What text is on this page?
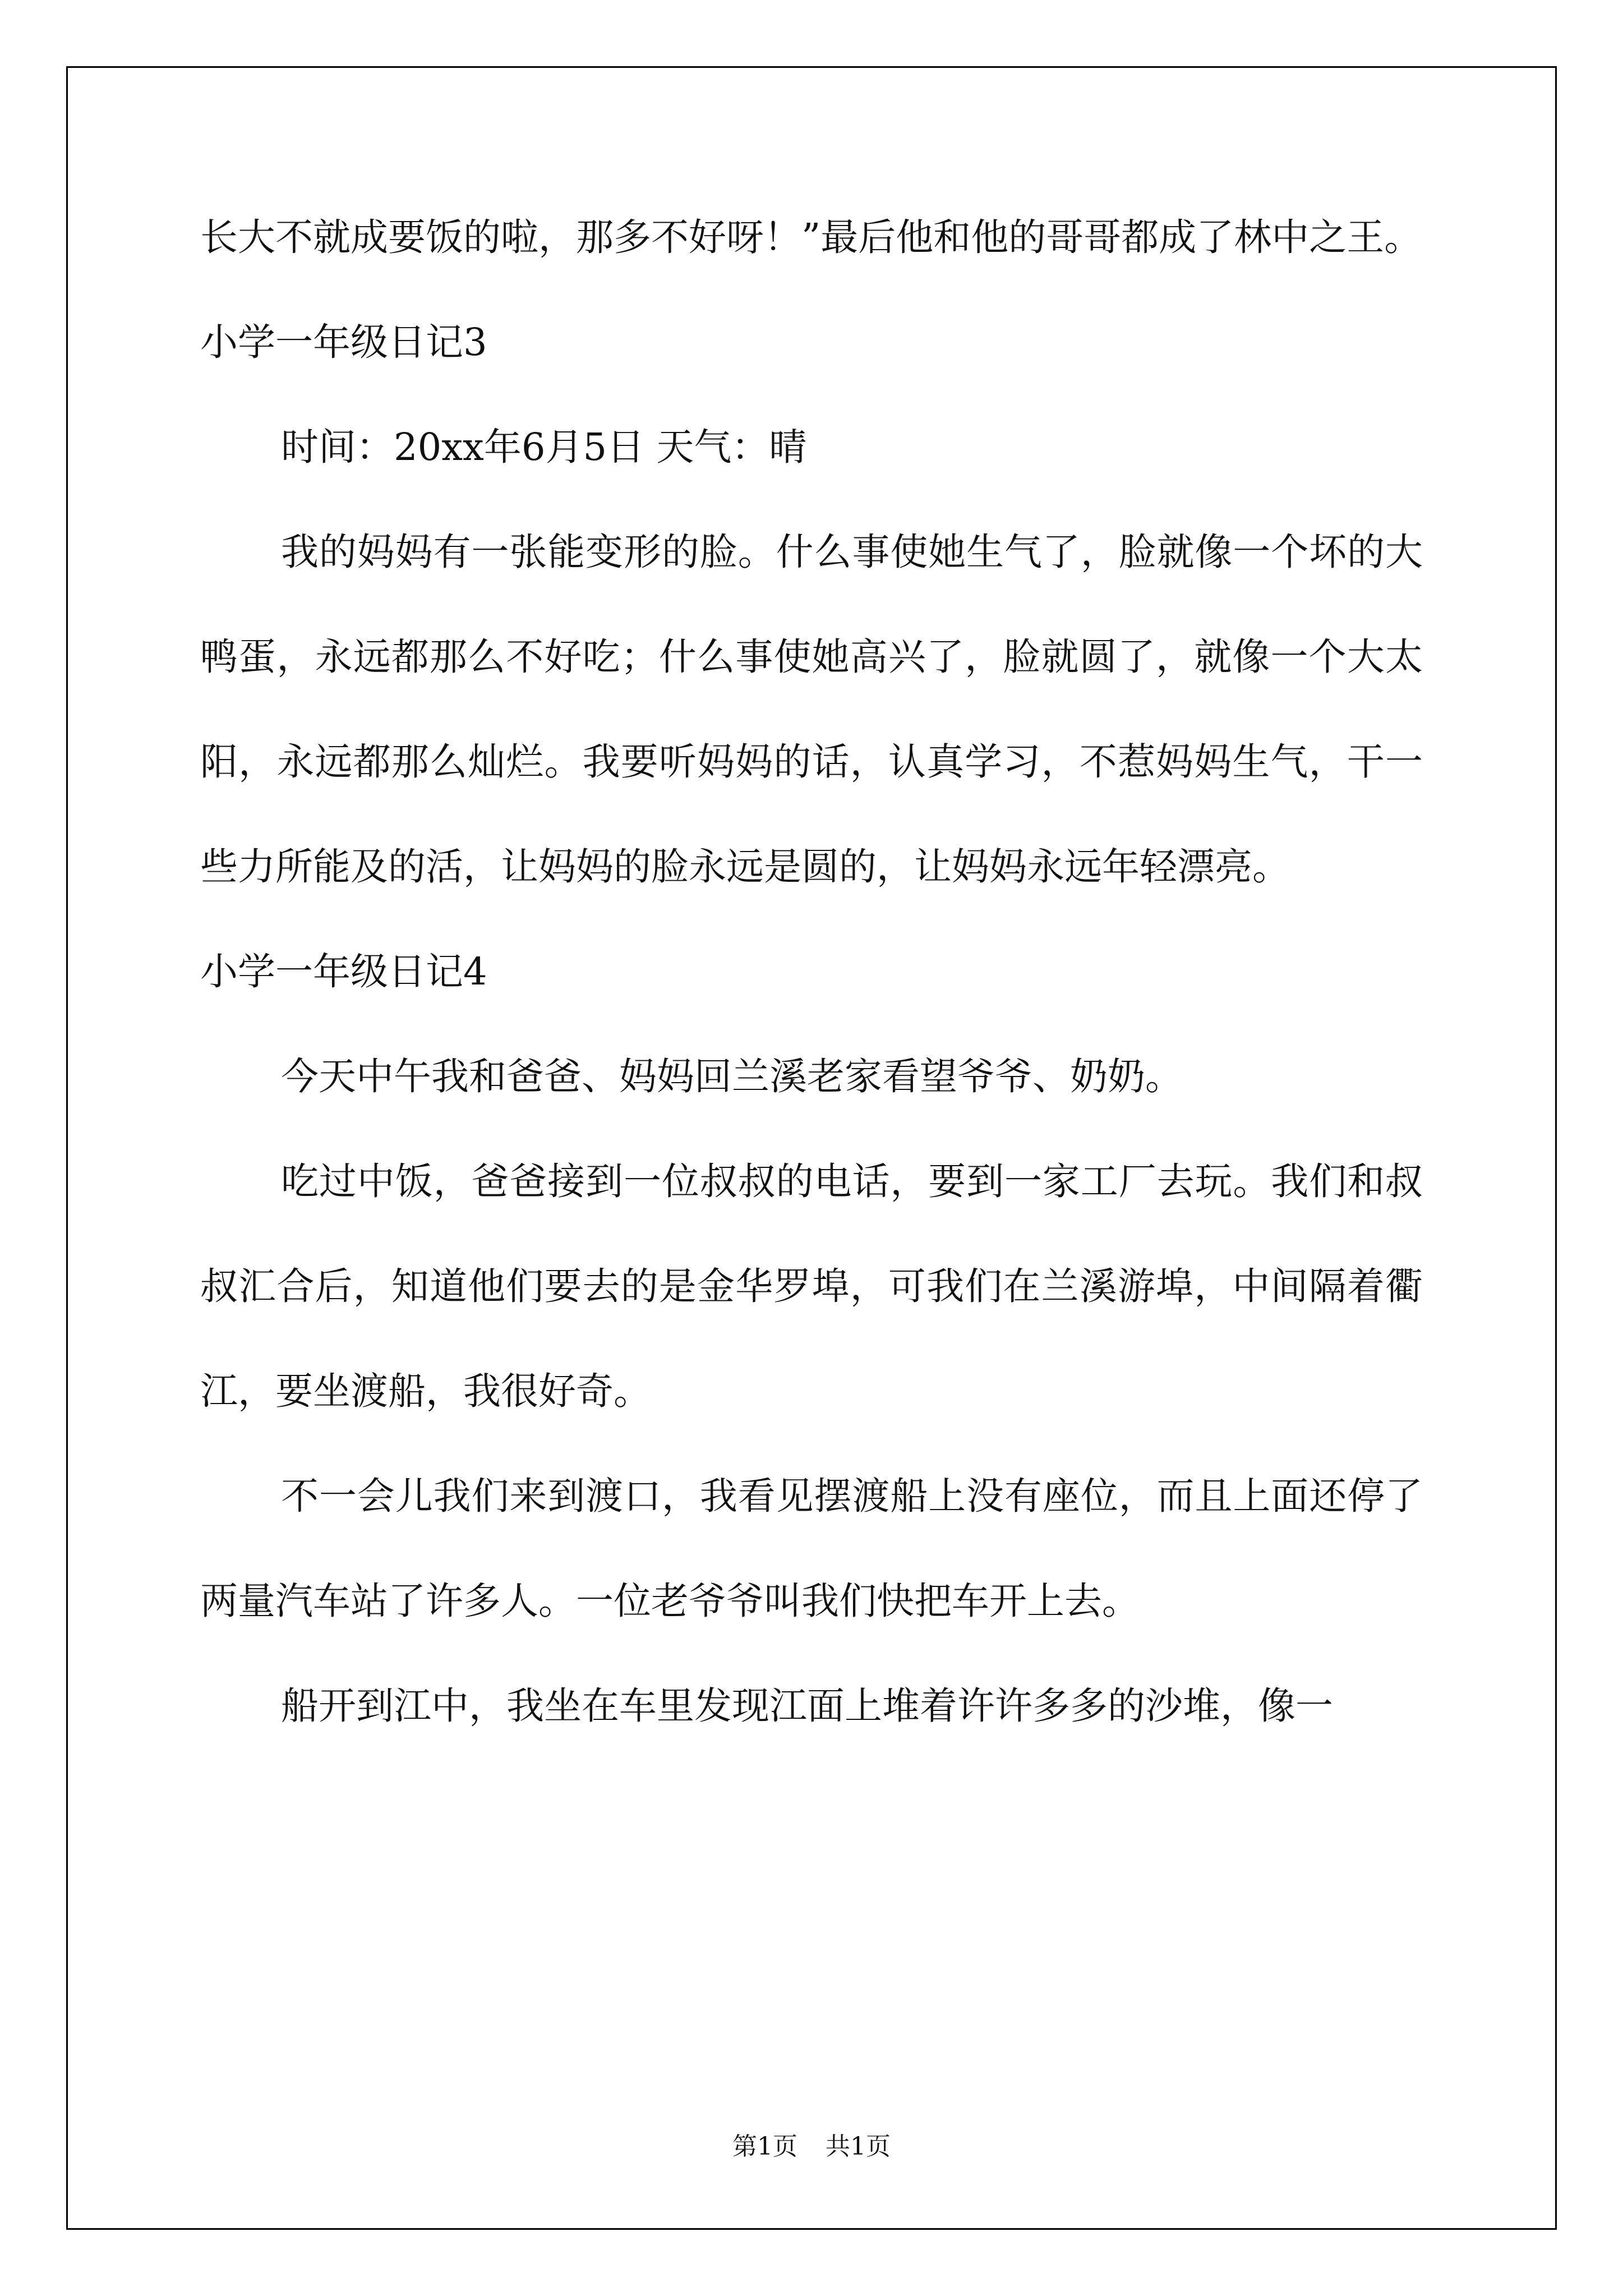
长大不就成要饭的啦，那多不好呀！”最后他和他的哥哥都成了林中之王。

小学一年级日记3

时间：20xx年6月5日 天气：晴

我的妈妈有一张能变形的脸。什么事使她生气了，脸就像一个坏的大鸭蛋，永远都那么不好吃；什么事使她高兴了，脸就圆了，就像一个大太阳，永远都那么灿烂。我要听妈妈的话，认真学习，不惹妈妈生气，干一些力所能及的活，让妈妈的脸永远是圆的，让妈妈永远年轻漂亮。

小学一年级日记4

今天中午我和爸爸、妈妈回兰溪老家看望爷爷、奶奶。

吃过中饭，爸爸接到一位叔叔的电话，要到一家工厂去玩。我们和叔叔汇合后，知道他们要去的是金华罗埠，可我们在兰溪游埠，中间隔着衢江，要坐渡船，我很好奇。

不一会儿我们来到渡口，我看见摆渡船上没有座位，而且上面还停了两量汽车站了许多人。一位老爷爷叫我们快把车开上去。

船开到江中，我坐在车里发现江面上堆着许许多多的沙堆，像一

第1页 共1页
